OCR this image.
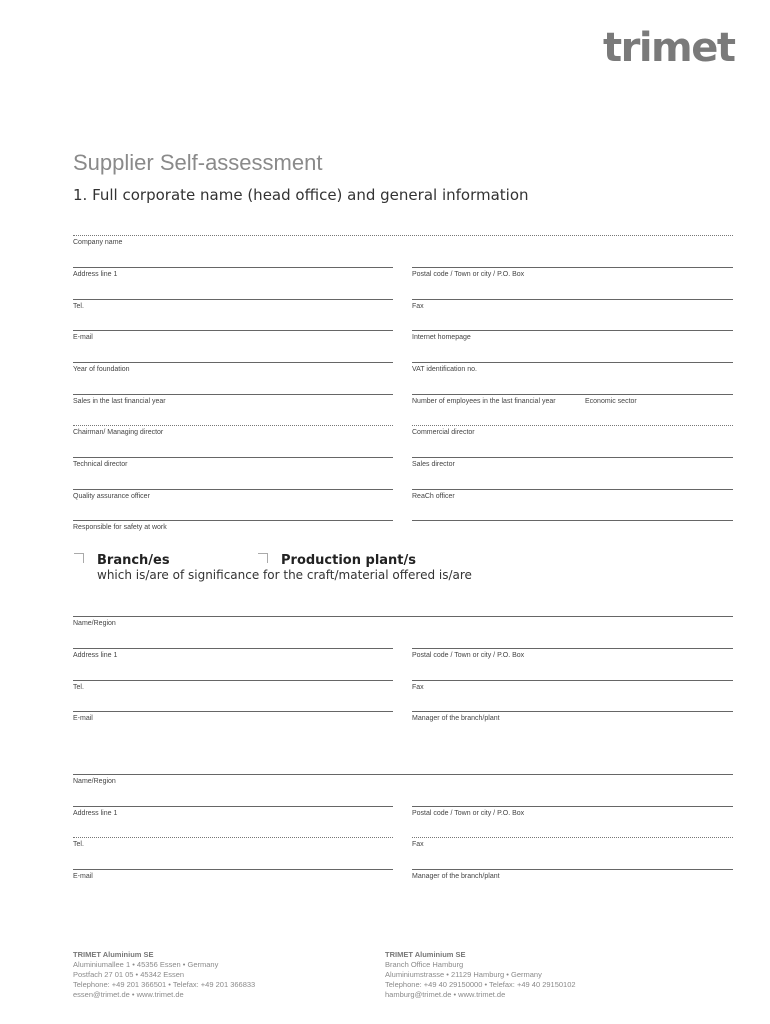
trimet
Supplier Self-assessment
1. Full corporate name (head office) and general information
Company name
Address line 1	Postal code / Town or city / P.O. Box
Tel.	Fax
E-mail	Internet homepage
Year of foundation	VAT identification no.
Sales in the last financial year	Number of employees in the last financial year	Economic sector
Chairman/ Managing director	Commercial director
Technical director	Sales director
Quality assurance officer	ReaCh officer
Responsible for safety at work
Branch/es	Production plant/s
which is/are of significance for the craft/material offered is/are
Name/Region
Address line 1	Postal code / Town or city / P.O. Box
Tel.	Fax
E-mail	Manager of the branch/plant
Name/Region
Address line 1	Postal code / Town or city / P.O. Box
Tel.	Fax
E-mail	Manager of the branch/plant
TRIMET Aluminium SE
Aluminiumallee 1 • 45356 Essen • Germany
Postfach 27 01 05 • 45342 Essen
Telephone: +49 201 366501 • Telefax: +49 201 366833
essen@trimet.de • www.trimet.de
TRIMET Aluminium SE
Branch Office Hamburg
Aluminiumstrasse • 21129 Hamburg • Germany
Telephone: +49 40 29150000 • Telefax: +49 40 29150102
hamburg@trimet.de • www.trimet.de
